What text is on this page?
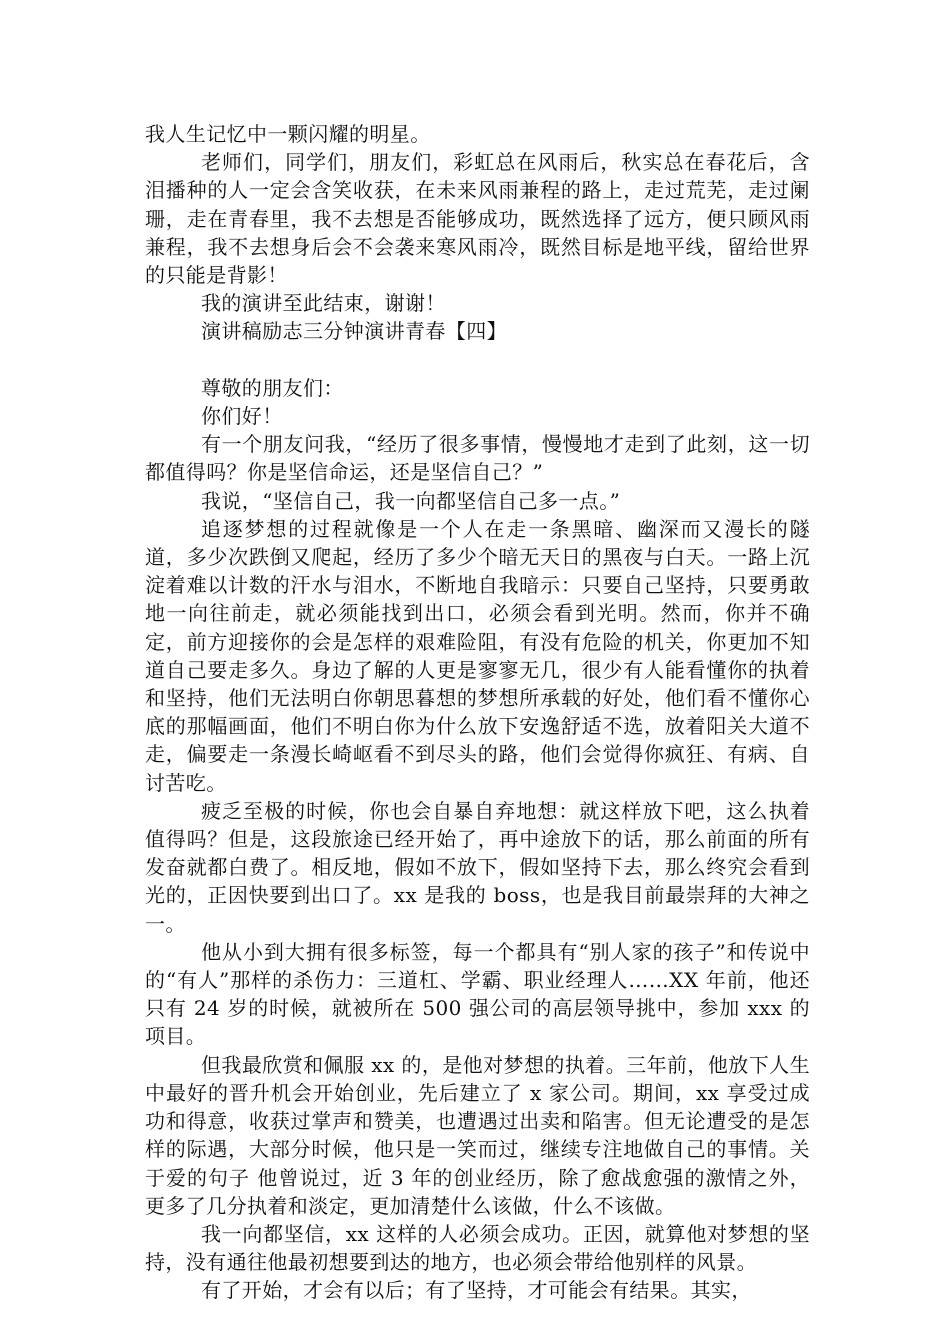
我人生记忆中一颗闪耀的明星。

老师们，同学们，朋友们，彩虹总在风雨后，秋实总在春花后，含泪播种的人一定会含笑收获，在未来风雨兼程的路上，走过荒芜，走过阑珊，走在青春里，我不去想是否能够成功，既然选择了远方，便只顾风雨兼程，我不去想身后会不会袭来寒风雨冷，既然目标是地平线，留给世界的只能是背影！

我的演讲至此结束，谢谢！

演讲稿励志三分钟演讲青春【四】

尊敬的朋友们：

你们好！

有一个朋友问我，“经历了很多事情，慢慢地才走到了此刻，这一切都值得吗？你是坚信命运，还是坚信自己？”

我说，“坚信自己，我一向都坚信自己多一点。”

追逐梦想的过程就像是一个人在走一条黑暗、幽深而又漫长的隧道，多少次跌倒又爬起，经历了多少个暗无天日的黑夜与白天。一路上沉淀着难以计数的汗水与泪水，不断地自我暗示：只要自己坚持，只要勇敢地一向往前走，就必须能找到出口，必须会看到光明。然而，你并不确定，前方迎接你的会是怎样的艰难险阻，有没有危险的机关，你更加不知道自己要走多久。身边了解的人更是寥寥无几，很少有人能看懂你的执着和坚持，他们无法明白你朝思暮想的梦想所承载的好处，他们看不懂你心底的那幅画面，他们不明白你为什么放下安逸舒适不选，放着阳关大道不走，偏要走一条漫长崎岖看不到尽头的路，他们会觉得你疯狂、有病、自讨苦吃。

疲乏至极的时候，你也会自暴自弃地想：就这样放下吧，这么执着值得吗？但是，这段旅途已经开始了，再中途放下的话，那么前面的所有发奋就都白费了。相反地，假如不放下，假如坚持下去，那么终究会看到光的，正因快要到出口了。xx 是我的 boss，也是我目前最崇拜的大神之一。

他从小到大拥有很多标签，每一个都具有“别人家的孩子”和传说中的“有人”那样的杀伤力：三道杠、学霸、职业经理人……XX 年前，他还只有 24 岁的时候，就被所在 500 强公司的高层领导挑中，参加 xxx 的项目。

但我最欣赏和佩服 xx 的，是他对梦想的执着。三年前，他放下人生中最好的晋升机会开始创业，先后建立了 x 家公司。期间，xx 享受过成功和得意，收获过掌声和赞美，也遭遇过出卖和陷害。但无论遭受的是怎样的际遇，大部分时候，他只是一笑而过，继续专注地做自己的事情。关于爱的句子 他曾说过，近 3 年的创业经历，除了愈战愈强的激情之外，更多了几分执着和淡定，更加清楚什么该做，什么不该做。

我一向都坚信，xx 这样的人必须会成功。正因，就算他对梦想的坚持，没有通往他最初想要到达的地方，也必须会带给他别样的风景。

有了开始，才会有以后；有了坚持，才可能会有结果。其实，
